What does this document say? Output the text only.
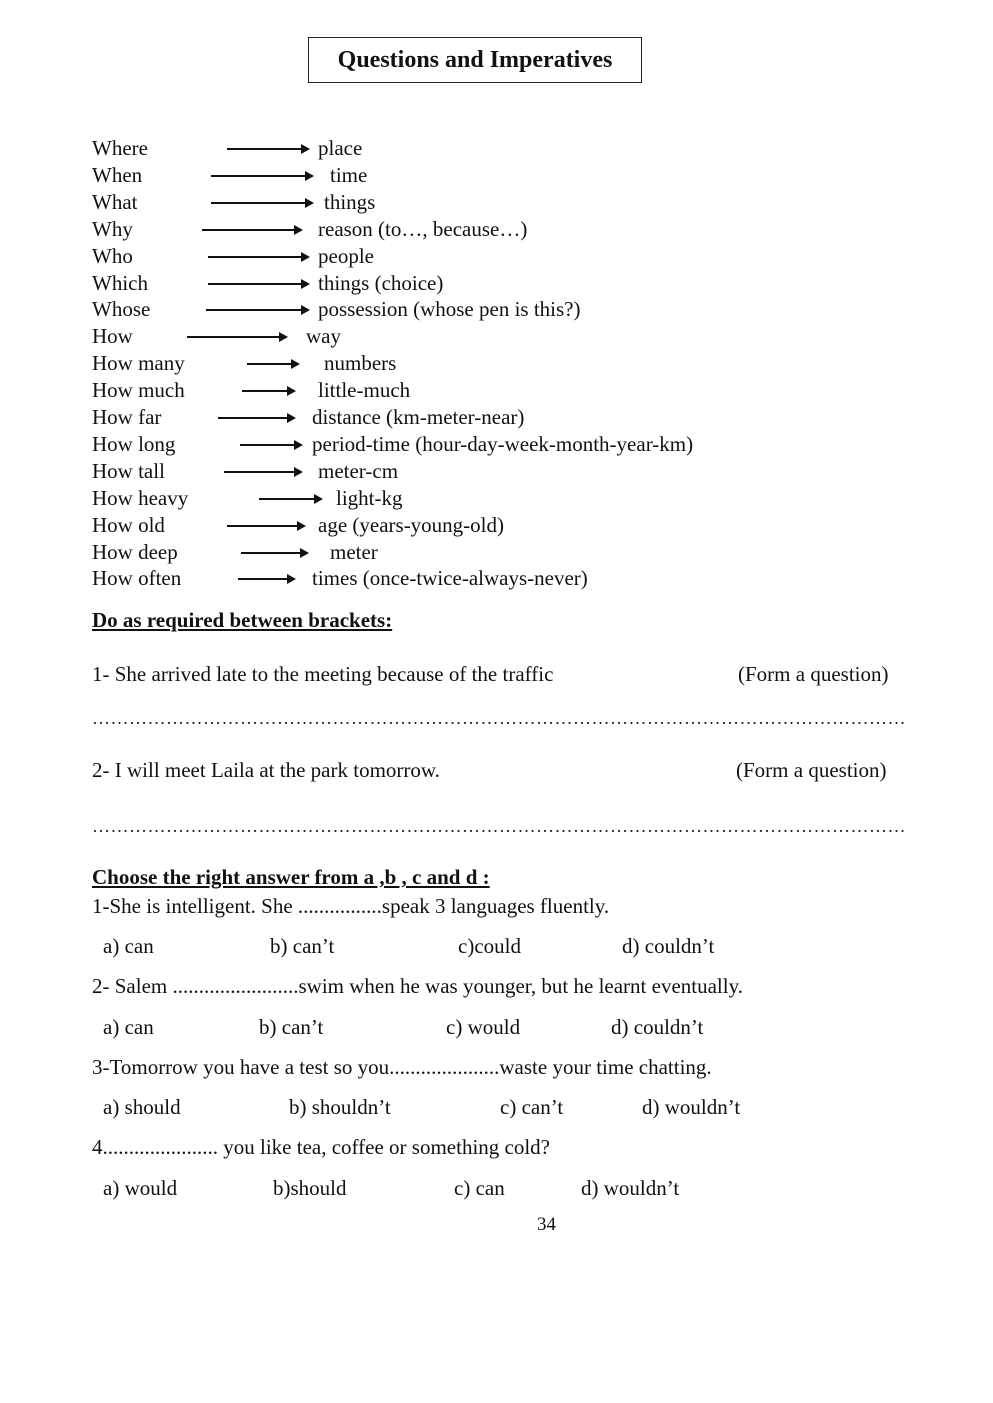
Questions and Imperatives
Where	place
When	time
What	things
Why	reason (to…, because…)
Who	people
Which	things (choice)
Whose	possession (whose pen is this?)
How	way
How many	numbers
How much	little-much
How far	distance (km-meter-near)
How long	period-time (hour-day-week-month-year-km)
How tall	meter-cm
How heavy	light-kg
How old	age (years-young-old)
How deep	meter
How often	times (once-twice-always-never)
Do as required between brackets:
1- She arrived late to the meeting because of the traffic	(Form a question)
……………………………………………………………………………………………………………………
2- I will meet Laila at the park tomorrow.	(Form a question)
……………………………………………………………………………………………………………………
Choose the right answer from a ,b , c and d :
1-She is intelligent. She ................speak 3 languages fluently.
a) can	b) can’t	c)could	d) couldn’t
2- Salem ........................swim when he was younger, but he learnt eventually.
a) can	b) can’t	c) would	d) couldn’t
3-Tomorrow you have a test so you.....................waste your time chatting.
a) should	b) shouldn’t	c) can’t	d) wouldn’t
4...................... you like tea, coffee or something cold?
a) would	b)should	c) can	d) wouldn’t
34
